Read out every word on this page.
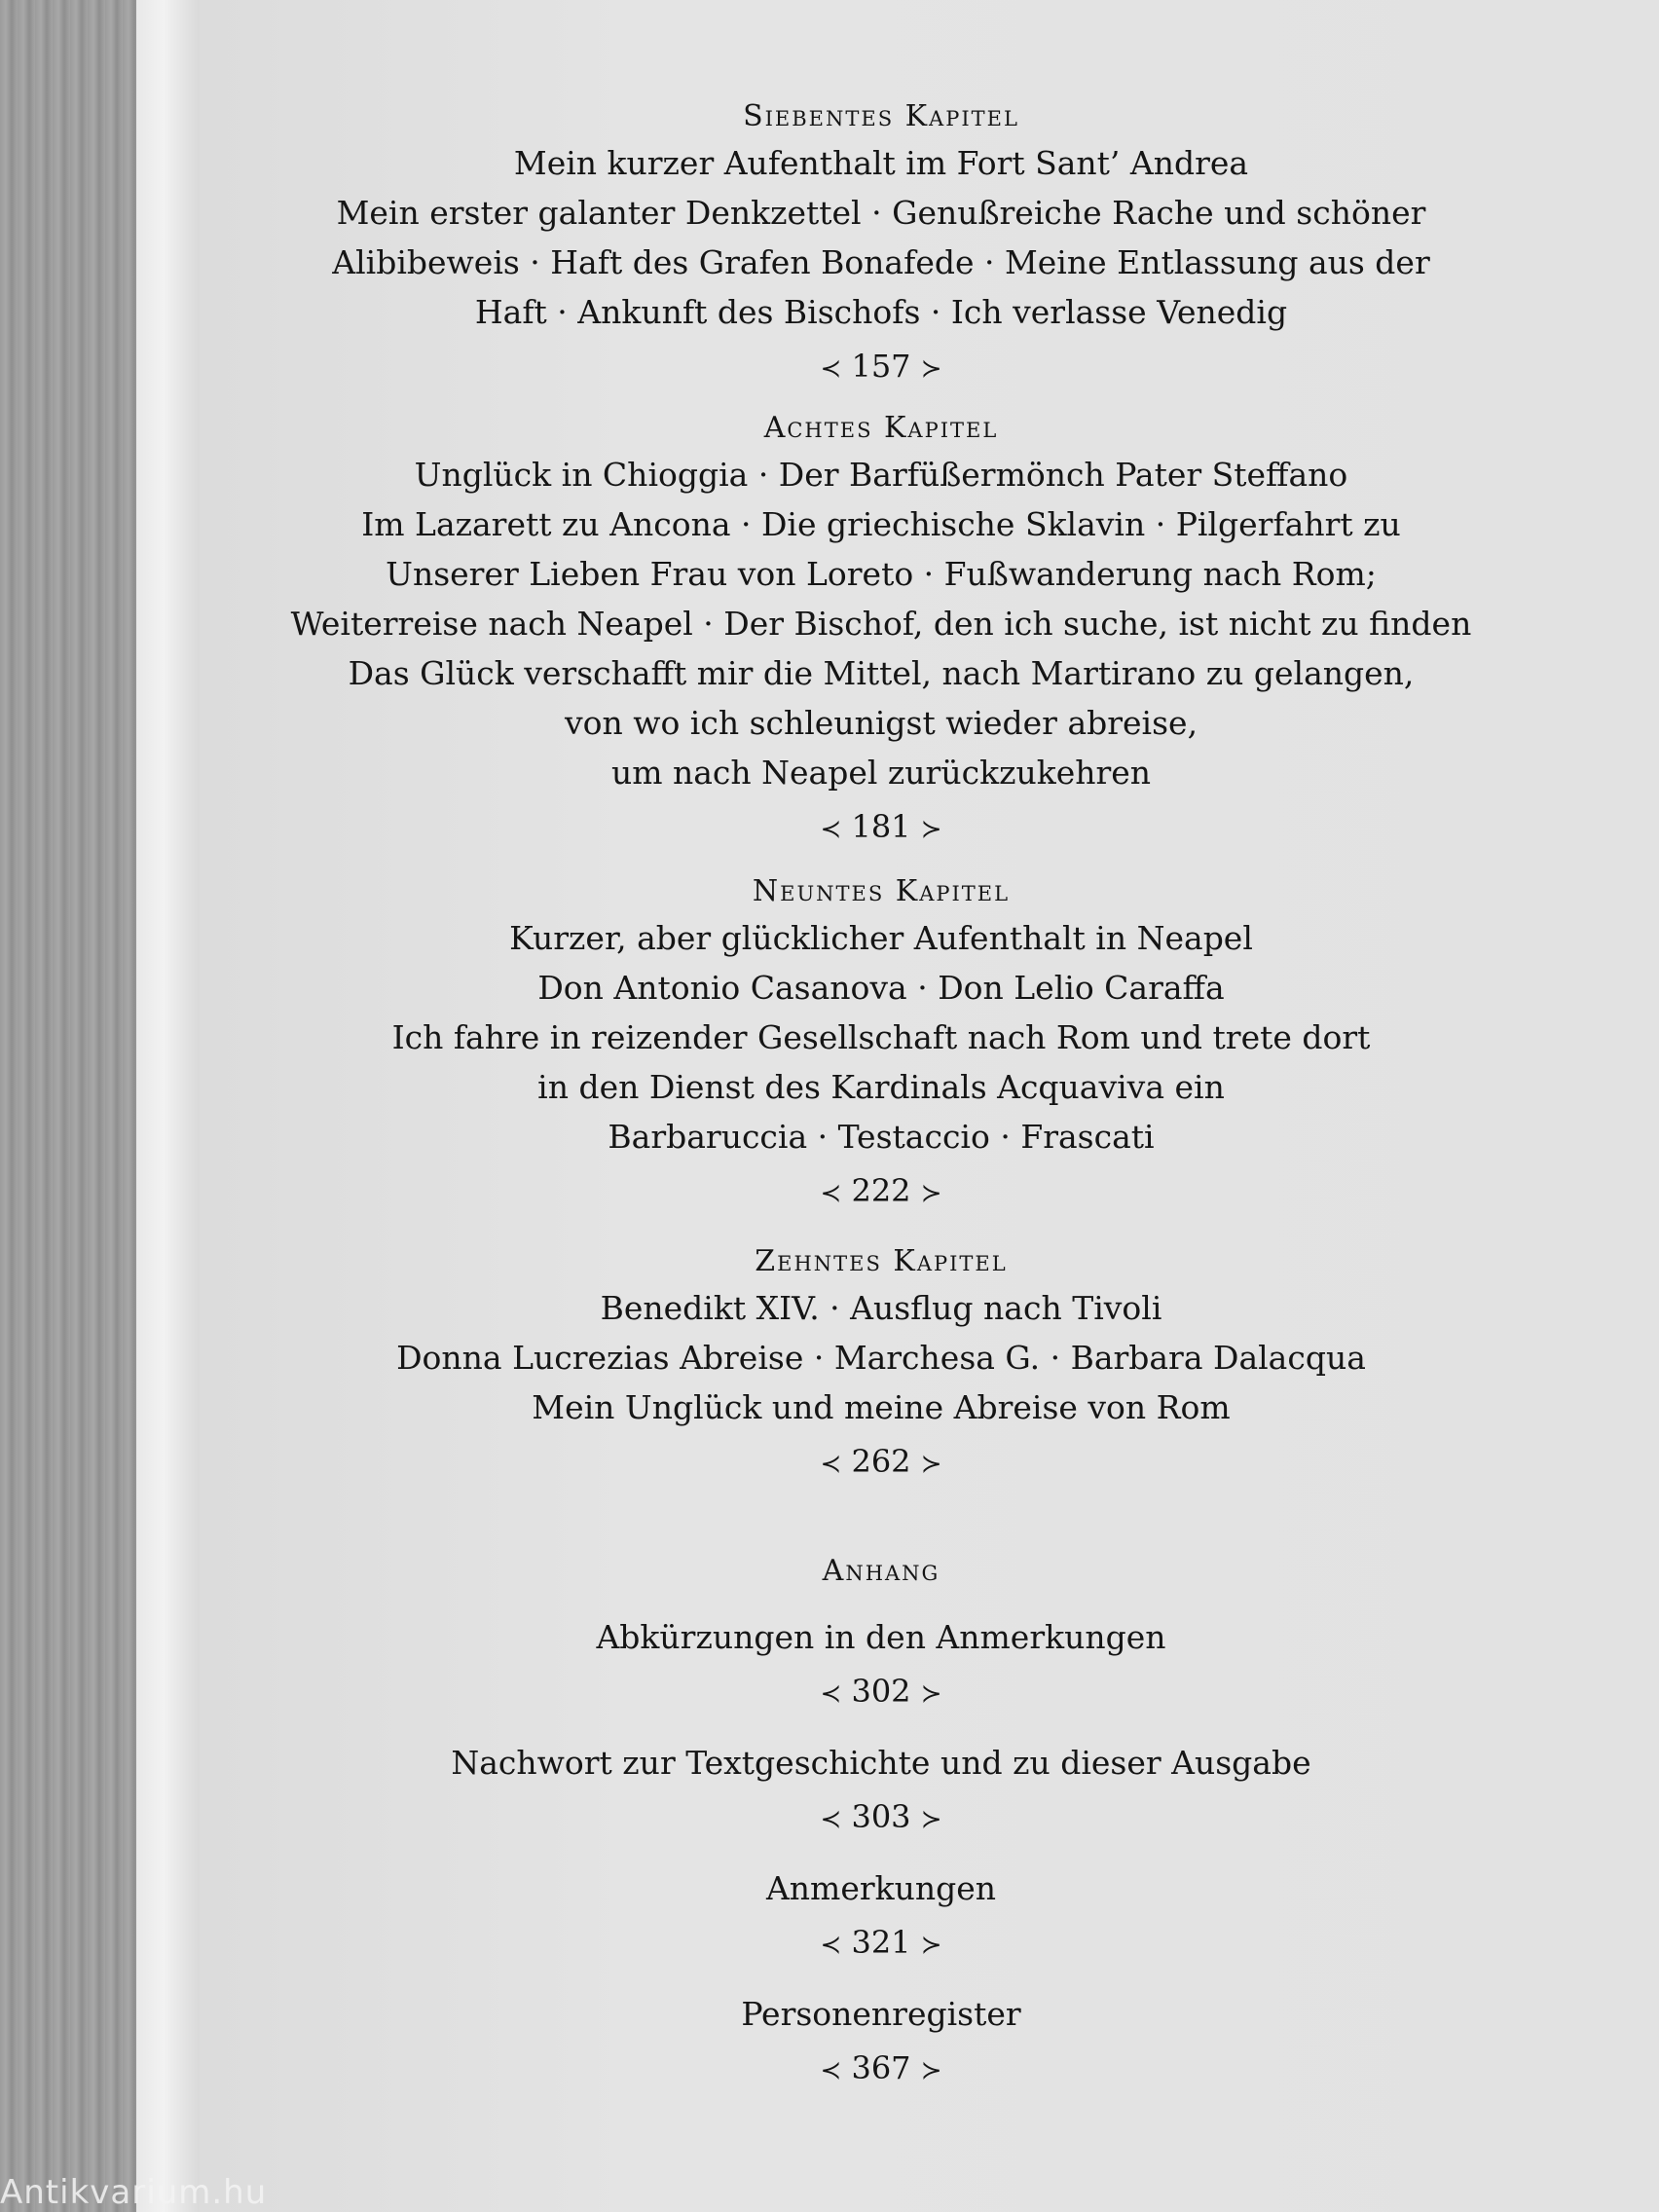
Siebentes Kapitel
Mein kurzer Aufenthalt im Fort Sant’ Andrea
Mein erster galanter Denkzettel · Genußreiche Rache und schöner
Alibibeweis · Haft des Grafen Bonafede · Meine Entlassung aus der
Haft · Ankunft des Bischofs · Ich verlasse Venedig
≺ 157 ≻
Achtes Kapitel
Unglück in Chioggia · Der Barfüßermönch Pater Steffano
Im Lazarett zu Ancona · Die griechische Sklavin · Pilgerfahrt zu
Unserer Lieben Frau von Loreto · Fußwanderung nach Rom;
Weiterreise nach Neapel · Der Bischof, den ich suche, ist nicht zu finden
Das Glück verschafft mir die Mittel, nach Martirano zu gelangen,
von wo ich schleunigst wieder abreise,
um nach Neapel zurückzukehren
≺ 181 ≻
Neuntes Kapitel
Kurzer, aber glücklicher Aufenthalt in Neapel
Don Antonio Casanova · Don Lelio Caraffa
Ich fahre in reizender Gesellschaft nach Rom und trete dort
in den Dienst des Kardinals Acquaviva ein
Barbaruccia · Testaccio · Frascati
≺ 222 ≻
Zehntes Kapitel
Benedikt XIV. · Ausflug nach Tivoli
Donna Lucrezias Abreise · Marchesa G. · Barbara Dalacqua
Mein Unglück und meine Abreise von Rom
≺ 262 ≻
Anhang
Abkürzungen in den Anmerkungen
≺ 302 ≻
Nachwort zur Textgeschichte und zu dieser Ausgabe
≺ 303 ≻
Anmerkungen
≺ 321 ≻
Personenregister
≺ 367 ≻
Antikvarium.hu
